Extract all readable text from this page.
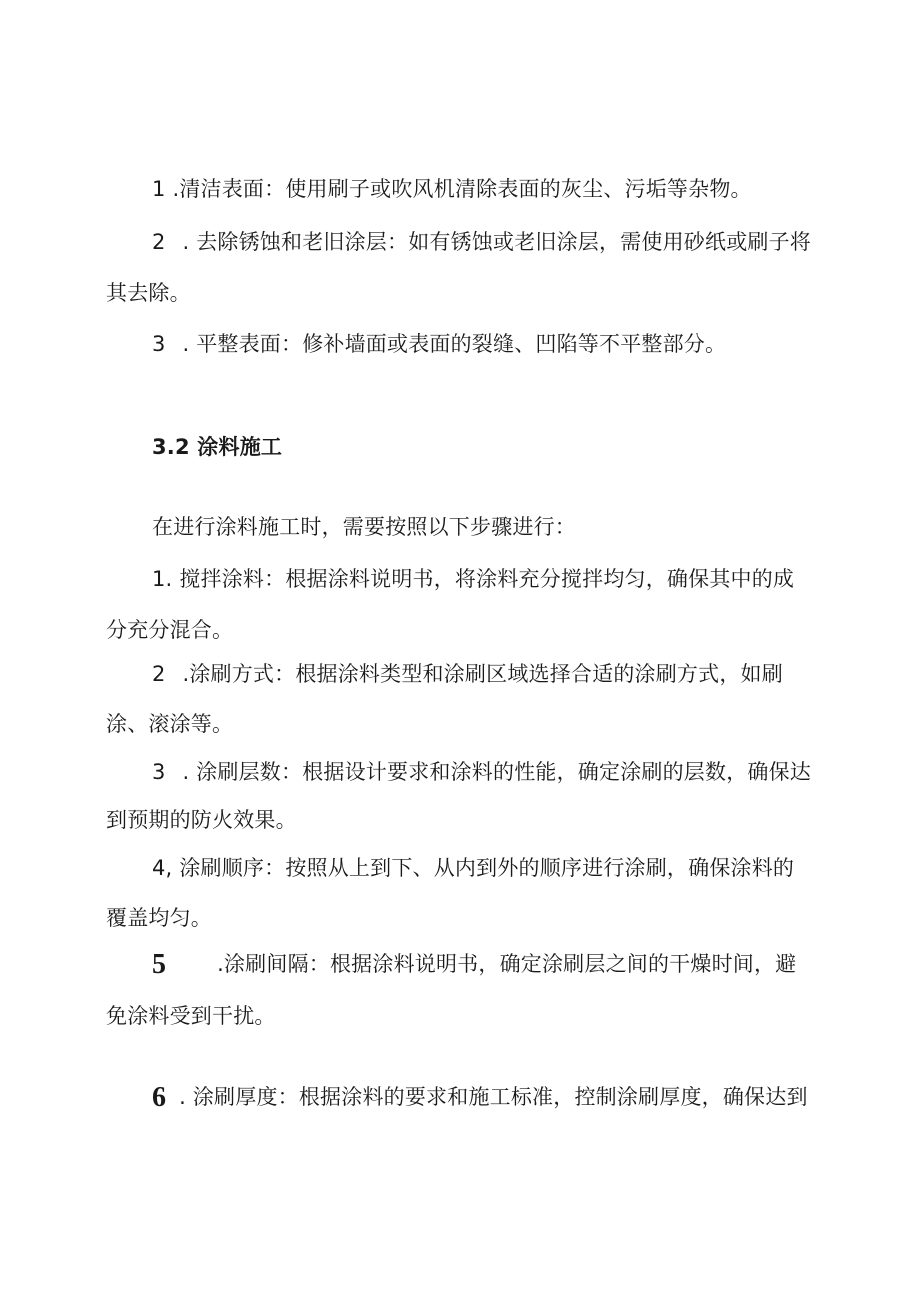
1 .清洁表面：使用刷子或吹风机清除表面的灰尘、污垢等杂物。
2 . 去除锈蚀和老旧涂层：如有锈蚀或老旧涂层，需使用砂纸或刷子将
其去除。
3 . 平整表面：修补墙面或表面的裂缝、凹陷等不平整部分。
3.2 涂料施工
在进行涂料施工时，需要按照以下步骤进行：
1. 搅拌涂料：根据涂料说明书，将涂料充分搅拌均匀，确保其中的成
分充分混合。
2 .涂刷方式：根据涂料类型和涂刷区域选择合适的涂刷方式，如刷
涂、滚涂等。
3 . 涂刷层数：根据设计要求和涂料的性能，确定涂刷的层数，确保达
到预期的防火效果。
4, 涂刷顺序：按照从上到下、从内到外的顺序进行涂刷，确保涂料的
覆盖均匀。
5 .涂刷间隔：根据涂料说明书，确定涂刷层之间的干燥时间，避
免涂料受到干扰。
6 . 涂刷厚度：根据涂料的要求和施工标准，控制涂刷厚度，确保达到
